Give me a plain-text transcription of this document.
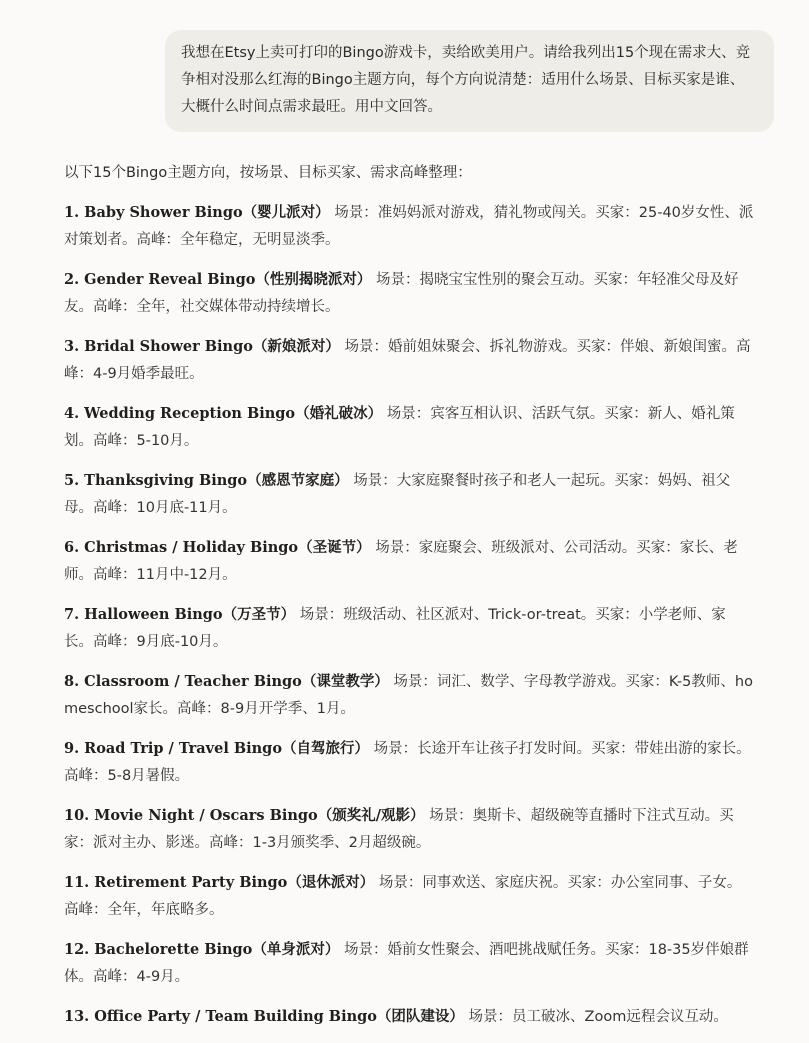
我想在Etsy上卖可打印的Bingo游戏卡，卖给欧美用户。请给我列出15个现在需求大、竞争相对没那么红海的Bingo主题方向，每个方向说清楚：适用什么场景、目标买家是谁、大概什么时间点需求最旺。用中文回答。

以下15个Bingo主题方向，按场景、目标买家、需求高峰整理：

1. Baby Shower Bingo（婴儿派对） 场景：准妈妈派对游戏，猜礼物或闯关。买家：25-40岁女性、派对策划者。高峰：全年稳定，无明显淡季。

2. Gender Reveal Bingo（性别揭晓派对） 场景：揭晓宝宝性别的聚会互动。买家：年轻准父母及好友。高峰：全年，社交媒体带动持续增长。

3. Bridal Shower Bingo（新娘派对） 场景：婚前姐妹聚会、拆礼物游戏。买家：伴娘、新娘闺蜜。高峰：4-9月婚季最旺。

4. Wedding Reception Bingo（婚礼破冰） 场景：宾客互相认识、活跃气氛。买家：新人、婚礼策划。高峰：5-10月。

5. Thanksgiving Bingo（感恩节家庭） 场景：大家庭聚餐时孩子和老人一起玩。买家：妈妈、祖父母。高峰：10月底-11月。

6. Christmas / Holiday Bingo（圣诞节） 场景：家庭聚会、班级派对、公司活动。买家：家长、老师。高峰：11月中-12月。

7. Halloween Bingo（万圣节） 场景：班级活动、社区派对、Trick-or-treat。买家：小学老师、家长。高峰：9月底-10月。

8. Classroom / Teacher Bingo（课堂教学） 场景：词汇、数学、字母教学游戏。买家：K-5教师、homeschool家长。高峰：8-9月开学季、1月。

9. Road Trip / Travel Bingo（自驾旅行） 场景：长途开车让孩子打发时间。买家：带娃出游的家长。高峰：5-8月暑假。

10. Movie Night / Oscars Bingo（颁奖礼/观影） 场景：奥斯卡、超级碗等直播时下注式互动。买家：派对主办、影迷。高峰：1-3月颁奖季、2月超级碗。

11. Retirement Party Bingo（退休派对） 场景：同事欢送、家庭庆祝。买家：办公室同事、子女。高峰：全年，年底略多。

12. Bachelorette Bingo（单身派对） 场景：婚前女性聚会、酒吧挑战赋任务。买家：18-35岁伴娘群体。高峰：4-9月。

13. Office Party / Team Building Bingo（团队建设） 场景：员工破冰、Zoom远程会议互动。
